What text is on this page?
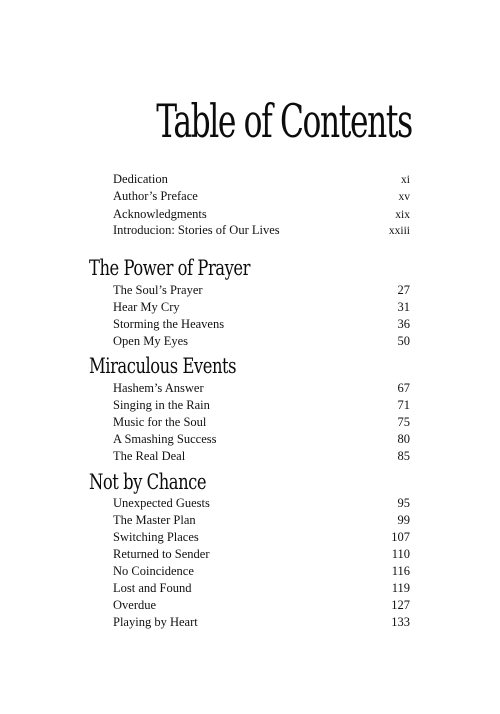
Table of Contents
Dedication	xi
Author’s Preface	xv
Acknowledgments	xix
Introducion: Stories of Our Lives	xxiii
The Power of Prayer
The Soul’s Prayer	27
Hear My Cry	31
Storming the Heavens	36
Open My Eyes	50
Miraculous Events
Hashem’s Answer	67
Singing in the Rain	71
Music for the Soul	75
A Smashing Success	80
The Real Deal	85
Not by Chance
Unexpected Guests	95
The Master Plan	99
Switching Places	107
Returned to Sender	110
No Coincidence	116
Lost and Found	119
Overdue	127
Playing by Heart	133
